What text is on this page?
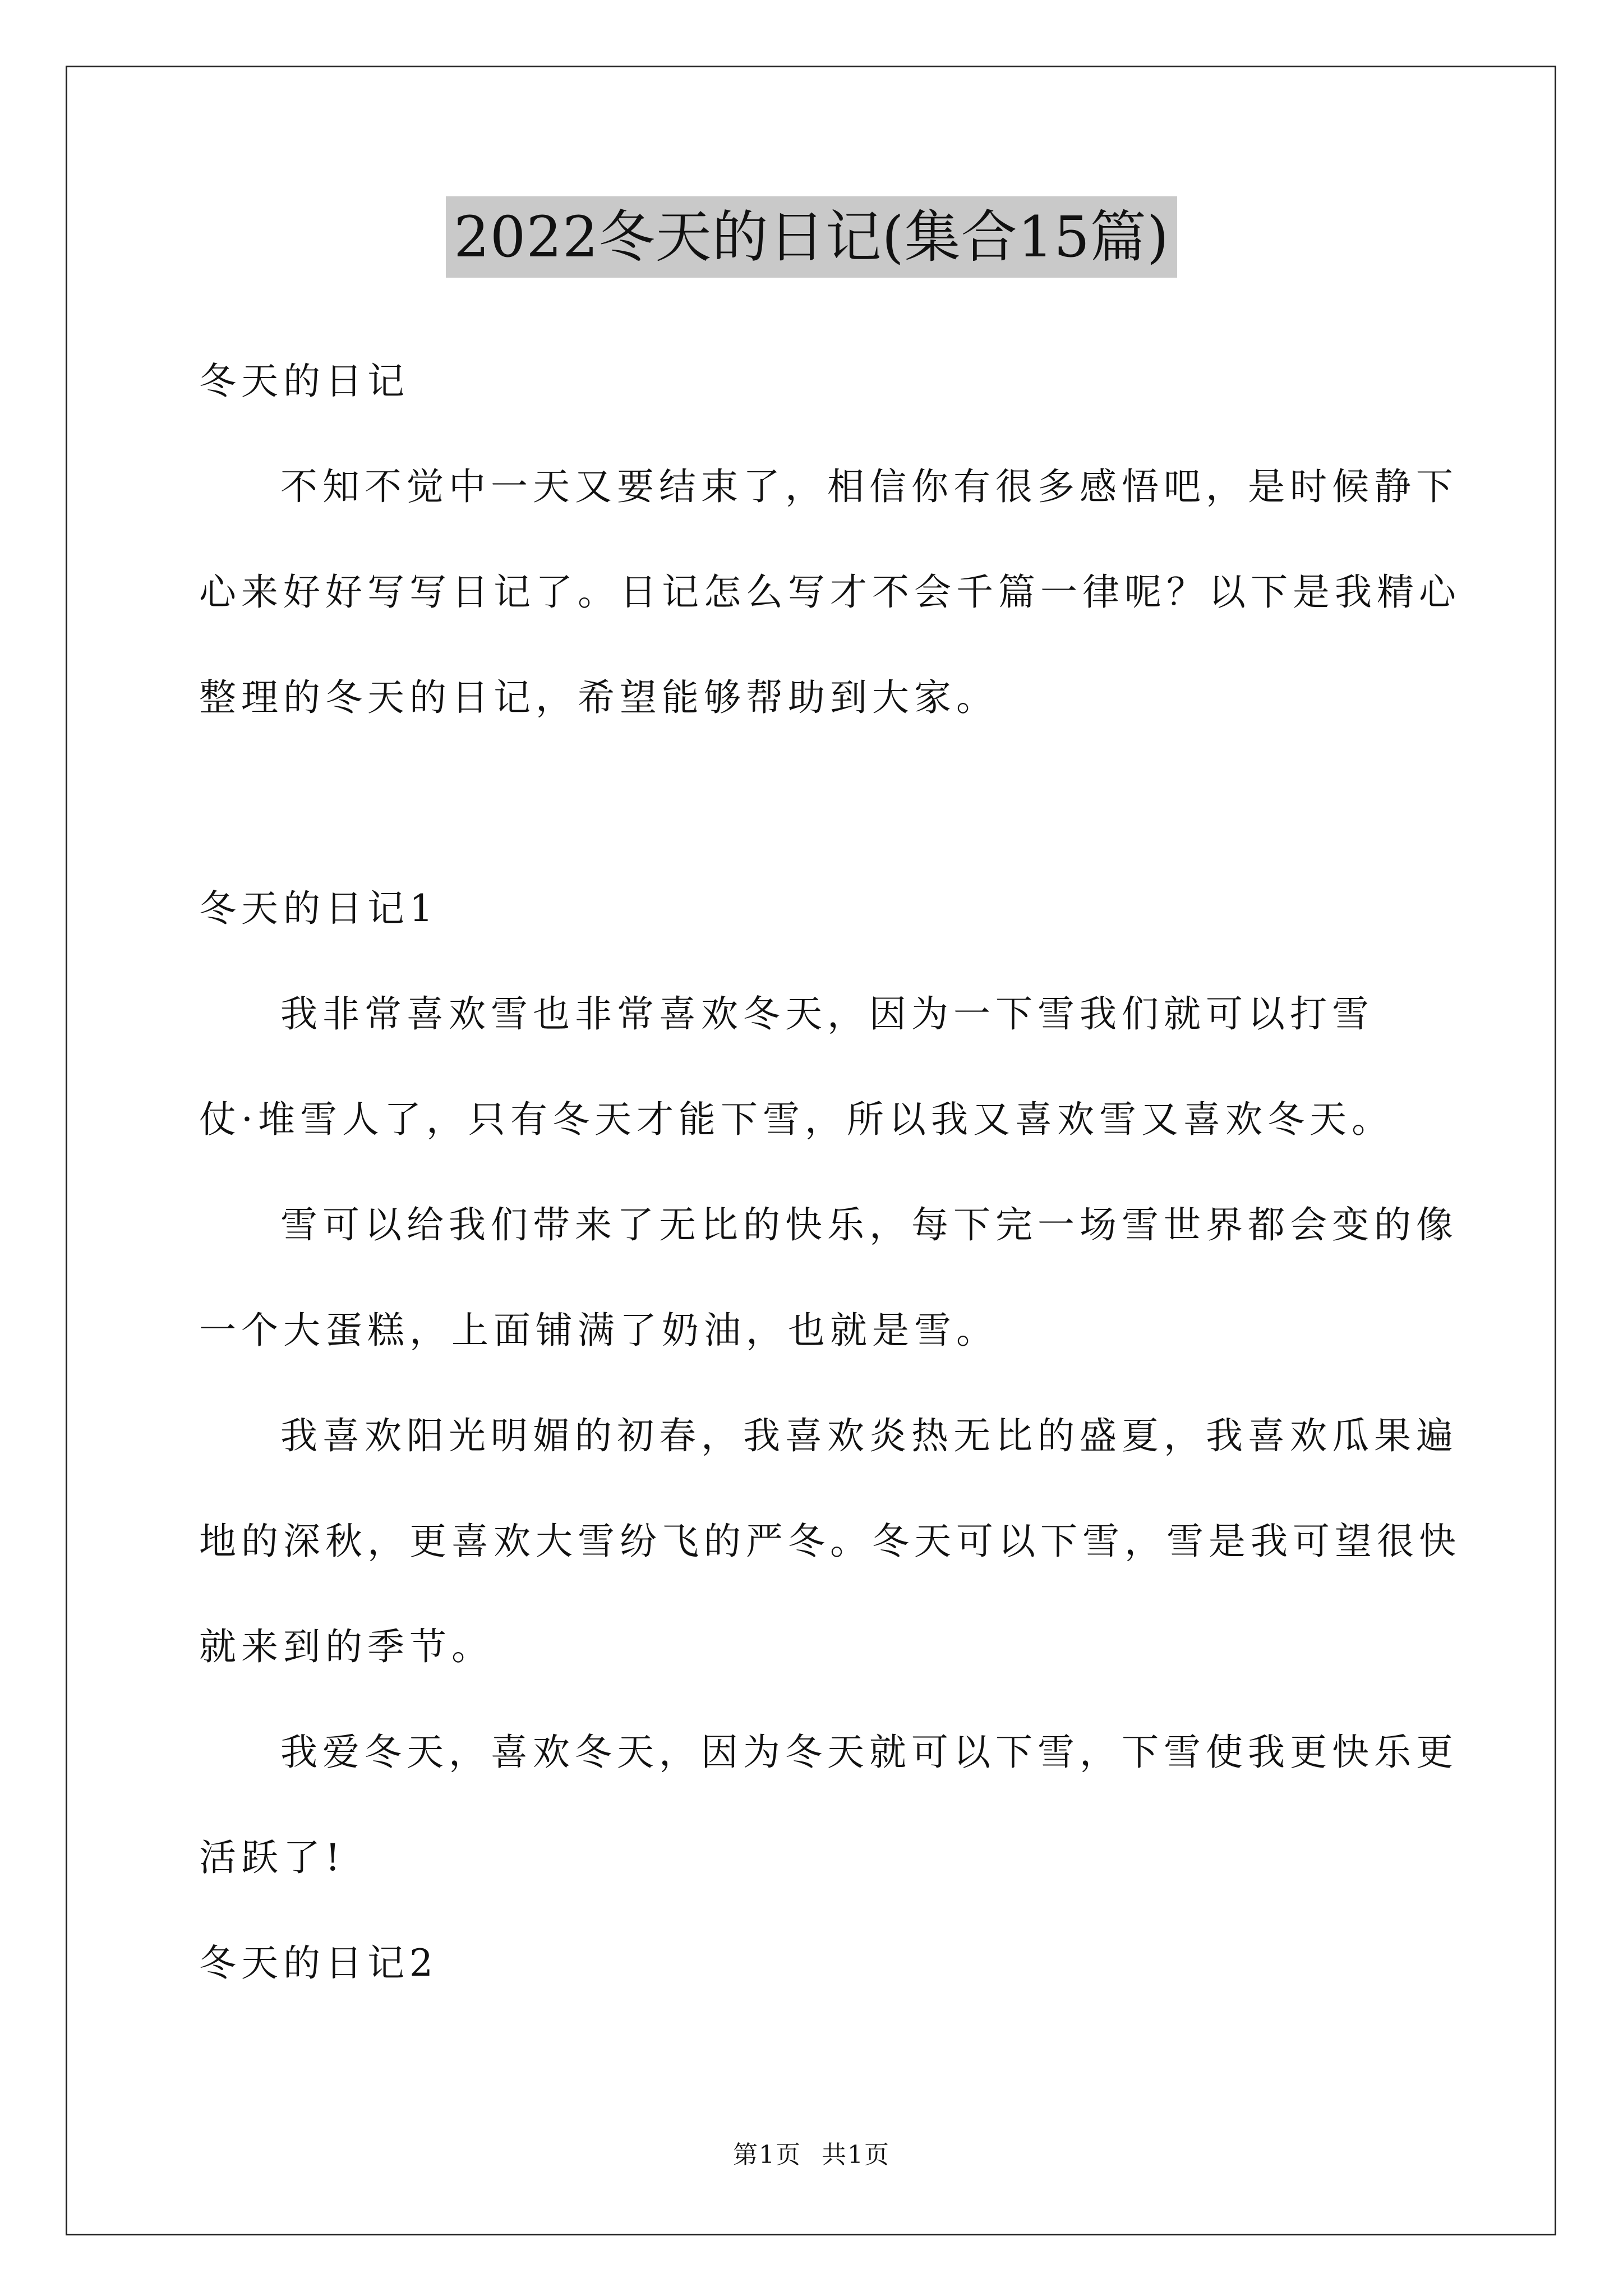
2022冬天的日记(集合15篇)
冬天的日记
不知不觉中一天又要结束了，相信你有很多感悟吧，是时候静下
心来好好写写日记了。日记怎么写才不会千篇一律呢？以下是我精心
整理的冬天的日记，希望能够帮助到大家。
冬天的日记1
我非常喜欢雪也非常喜欢冬天，因为一下雪我们就可以打雪
仗·堆雪人了，只有冬天才能下雪，所以我又喜欢雪又喜欢冬天。
雪可以给我们带来了无比的快乐，每下完一场雪世界都会变的像
一个大蛋糕，上面铺满了奶油，也就是雪。
我喜欢阳光明媚的初春，我喜欢炎热无比的盛夏，我喜欢瓜果遍
地的深秋，更喜欢大雪纷飞的严冬。冬天可以下雪，雪是我可望很快
就来到的季节。
我爱冬天，喜欢冬天，因为冬天就可以下雪，下雪使我更快乐更
活跃了!
冬天的日记2
第1页 共1页
